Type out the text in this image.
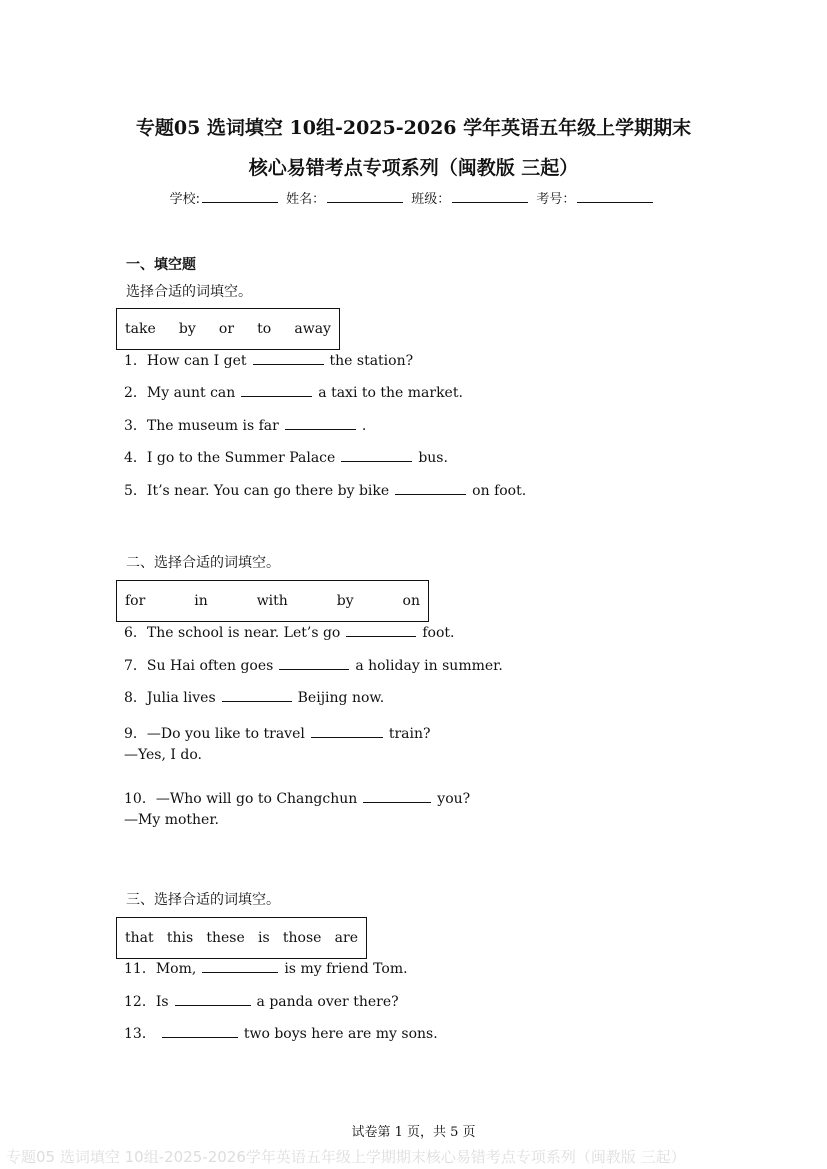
专题05 选词填空 10组-2025-2026 学年英语五年级上学期期末
核心易错考点专项系列（闽教版 三起）
学校:	姓名：	班级：	考号：
一、填空题
选择合适的词填空。
take by or to away
二、选择合适的词填空。
for	in	with	by	on
三、选择合适的词填空。
that this these is those are
1．How can I get	the station?
2．My aunt can	a taxi to the market.
3．The museum is far	.
4．I go to the Summer Palace	bus.
5．It’s near. You can go there by bike	on foot.
6．The school is near. Let’s go	foot.
7．Su Hai often goes	a holiday in summer.
8．Julia lives	Beijing now.
9．—Do you like to travel	train?
—Yes, I do.
10．—Who will go to Changchun	you?
—My mother.
11．Mom,	is my friend Tom.
12．Is	a panda over there?
13．	two boys here are my sons.
试卷第 1 页，共 5 页
专题05 选词填空 10组-2025-2026学年英语五年级上学期期末核心易错考点专项系列（闽教版 三起）
